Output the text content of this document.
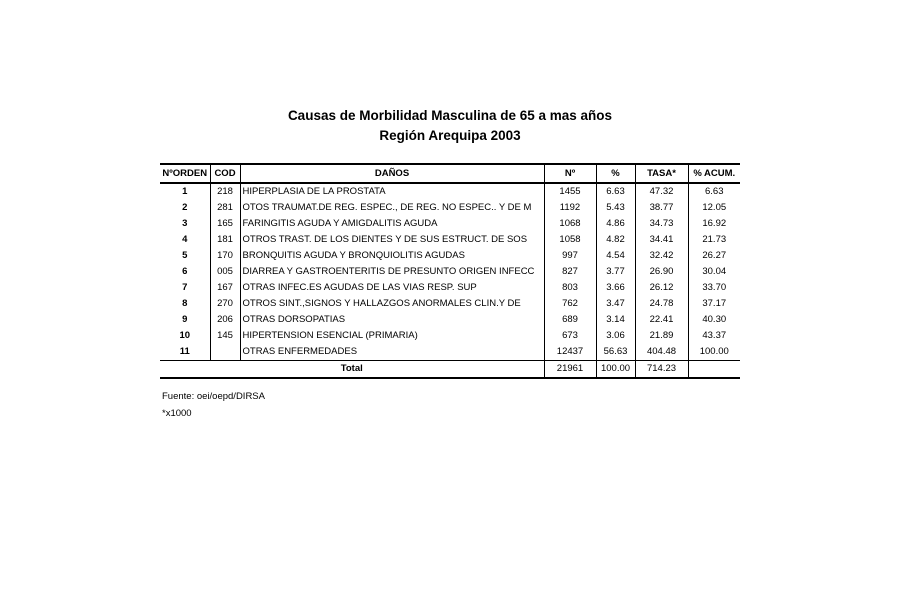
Causas de Morbilidad Masculina de 65 a mas años
Región Arequipa 2003
NºORDEN	COD	DAÑOS	Nº	%	TASA*	% ACUM.
1	218	HIPERPLASIA DE LA PROSTATA	1455	6.63	47.32	6.63
2	281	OTOS TRAUMAT.DE REG. ESPEC., DE REG. NO ESPEC.. Y DE M	1192	5.43	38.77	12.05
3	165	FARINGITIS AGUDA Y AMIGDALITIS AGUDA	1068	4.86	34.73	16.92
4	181	OTROS TRAST. DE LOS DIENTES Y DE SUS ESTRUCT. DE SOS	1058	4.82	34.41	21.73
5	170	BRONQUITIS AGUDA Y BRONQUIOLITIS AGUDAS	997	4.54	32.42	26.27
6	005	DIARREA Y GASTROENTERITIS DE PRESUNTO ORIGEN INFECC	827	3.77	26.90	30.04
7	167	OTRAS INFEC.ES AGUDAS DE LAS VIAS RESP. SUP	803	3.66	26.12	33.70
8	270	OTROS SINT.,SIGNOS Y HALLAZGOS ANORMALES CLIN.Y DE	762	3.47	24.78	37.17
9	206	OTRAS DORSOPATIAS	689	3.14	22.41	40.30
10	145	HIPERTENSION ESENCIAL (PRIMARIA)	673	3.06	21.89	43.37
11		OTRAS ENFERMEDADES	12437	56.63	404.48	100.00
Total			21961	100.00	714.23	
Fuente: oei/oepd/DIRSA
*x1000
